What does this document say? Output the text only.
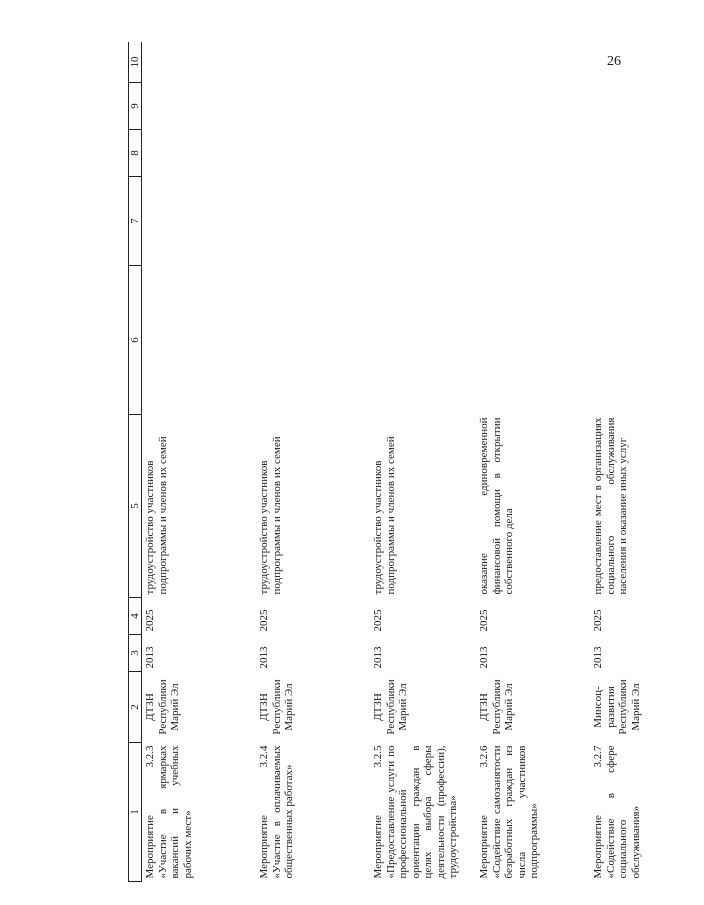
26
1	2	3	4	5	6	7	8	9	10
Мероприятие 3.2.3 «Участие в ярмарках вакансий и учебных рабочих мест»	ДТЗН Республики Марий Эл	2013	2025	трудоустройство участников подпрограммы и членов их семей					
Мероприятие 3.2.4 «Участие в оплачиваемых общественных работах»	ДТЗН Республики Марий Эл	2013	2025	трудоустройство участников подпрограммы и членов их семей					
Мероприятие 3.2.5 «Предоставление услуги по профессиональной ориентации граждан в целях выбора сферы деятельности (профессии), трудоустройства»	ДТЗН Республики Марий Эл	2013	2025	трудоустройство участников подпрограммы и членов их семей					
Мероприятие 3.2.6 «Содействие самозанятости безработных граждан из числа участников подпрограммы»	ДТЗН Республики Марий Эл	2013	2025	оказание единовременной финансовой помощи в открытии собственного дела					
Мероприятие 3.2.7 «Содействие в сфере социального обслуживания»	Минсоц-развития Республики Марий Эл	2013	2025	предоставление мест в организациях социального обслуживания населения и оказание иных услуг					
